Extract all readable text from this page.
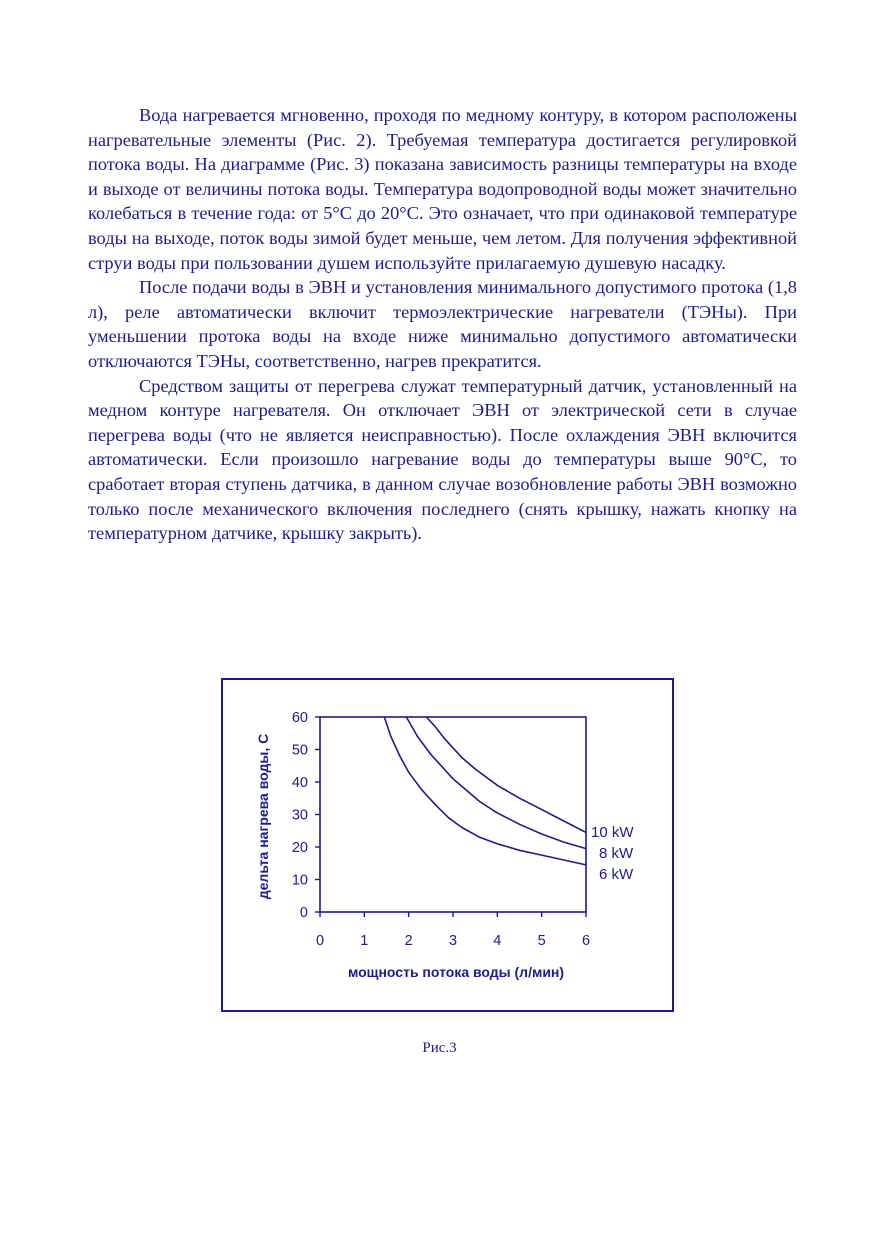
Вода нагревается мгновенно, проходя по медному контуру, в котором расположены нагревательные элементы (Рис. 2). Требуемая температура достигается регулировкой потока воды. На диаграмме (Рис. 3) показана зависимость разницы температуры на входе и выходе от величины потока воды. Температура водопроводной воды может значительно колебаться в течение года: от 5°С до 20°С. Это означает, что при одинаковой температуре воды на выходе, поток воды зимой будет меньше, чем летом. Для получения эффективной струи воды при пользовании душем используйте прилагаемую душевую насадку.

После подачи воды в ЭВН и установления минимального допустимого протока (1,8 л), реле автоматически включит термоэлектрические нагреватели (ТЭНы). При уменьшении протока воды на входе ниже минимально допустимого автоматически отключаются ТЭНы, соответственно, нагрев прекратится.

Средством защиты от перегрева служат температурный датчик, установленный на медном контуре нагревателя. Он отключает ЭВН от электрической сети в случае перегрева воды (что не является неисправностью). После охлаждения ЭВН включится автоматически. Если произошло нагревание воды до температуры выше 90°С, то сработает вторая ступень датчика, в данном случае возобновление работы ЭВН возможно только после механического включения последнего (снять крышку, нажать кнопку на температурном датчике, крышку закрыть).

0
10
20
30
40
50
60
0	1	2	3	4	5	6
мощность потока воды (л/мин)
дельта нагрева воды, С	10 kW
8 kW
6 kW
Рис.3
